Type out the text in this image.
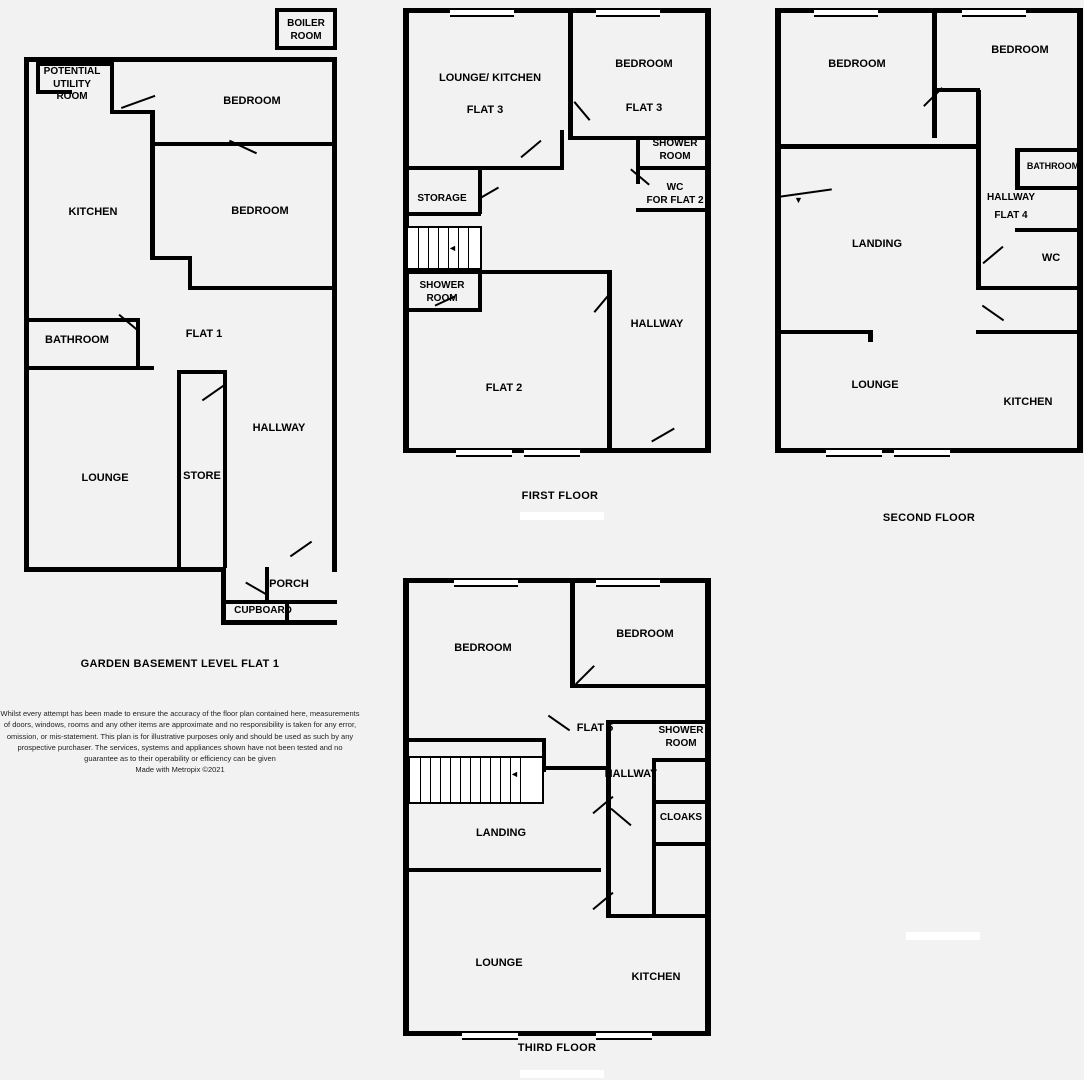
BOILER
ROOM
POTENTIAL
UTILITY
ROOM	BEDROOM
BEDROOM
KITCHEN
BATHROOM	FLAT 1
HALLWAY
LOUNGE	STORE
PORCH
CUPBOARD
GARDEN BASEMENT LEVEL FLAT 1
Whilst every attempt has been made to ensure the accuracy of the floor plan contained here, measurements of doors, windows, rooms and any other items are approximate and no responsibility is taken for any error, omission, or mis-statement. This plan is for illustrative purposes only and should be used as such by any prospective purchaser. The services, systems and appliances shown have not been tested and no guarantee as to their operability or efficiency can be given
Made with Metropix ©2021
◄
LOUNGE/ KITCHEN
FLAT 3
BEDROOM
FLAT 3
SHOWER
ROOM
STORAGE
WC
FOR FLAT 2
SHOWER
ROOM
HALLWAY
FLAT 2
FIRST FLOOR
▼
BEDROOM
BEDROOM
BATHROOM
HALLWAY
FLAT 4
LANDING
WC
LOUNGE
KITCHEN
SECOND FLOOR
◄
BEDROOM
BEDROOM
FLAT 5	SHOWER
ROOM
HALLWAY
CLOAKS
LANDING
LOUNGE
KITCHEN
THIRD FLOOR
